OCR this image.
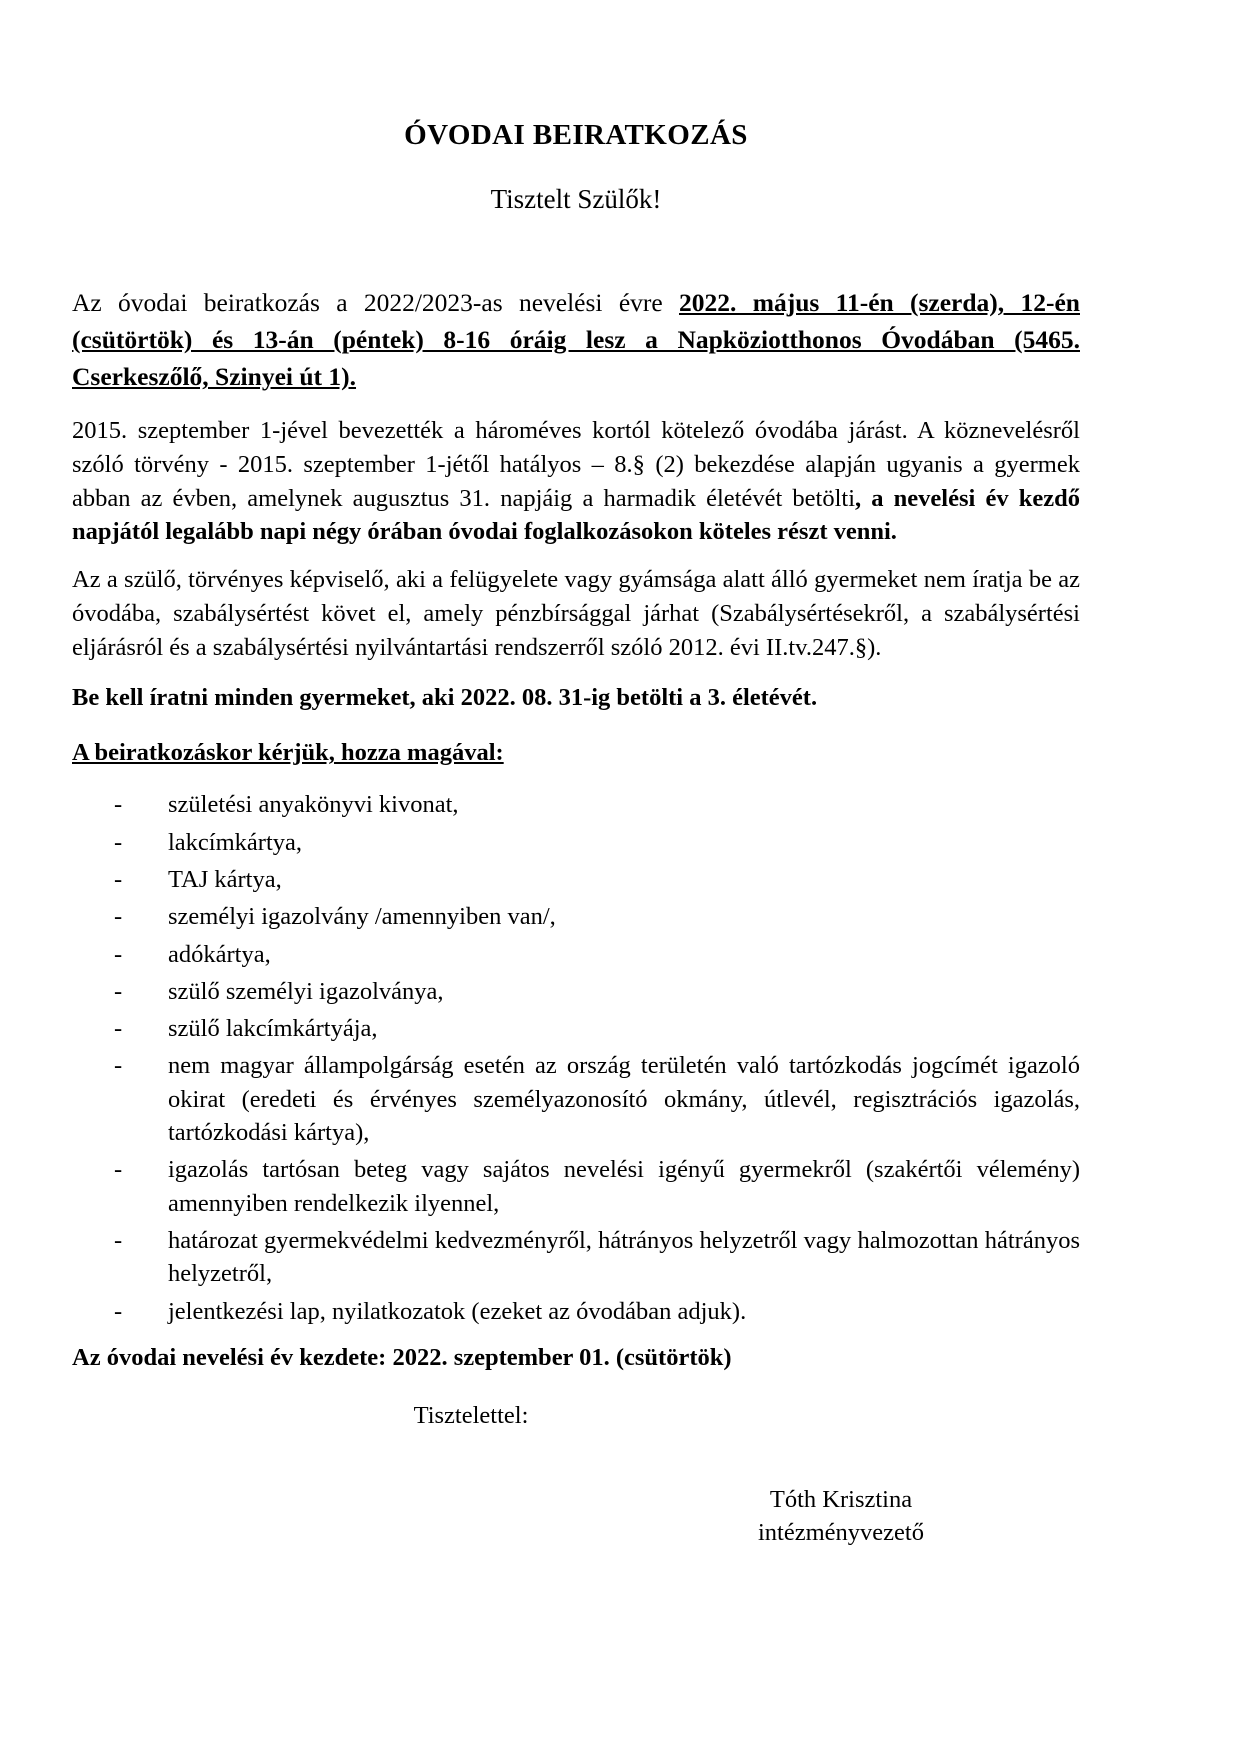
ÓVODAI BEIRATKOZÁS
Tisztelt Szülők!

Az óvodai beiratkozás a 2022/2023-as nevelési évre 2022. május 11-én (szerda), 12-én (csütörtök) és 13-án (péntek) 8-16 óráig lesz a Napköziotthonos Óvodában (5465. Cserkeszőlő, Szinyei út 1).

2015. szeptember 1-jével bevezették a hároméves kortól kötelező óvodába járást. A köznevelésről szóló törvény - 2015. szeptember 1-jétől hatályos – 8.§ (2) bekezdése alapján ugyanis a gyermek abban az évben, amelynek augusztus 31. napjáig a harmadik életévét betölti, a nevelési év kezdő napjától legalább napi négy órában óvodai foglalkozásokon köteles részt venni.

Az a szülő, törvényes képviselő, aki a felügyelete vagy gyámsága alatt álló gyermeket nem íratja be az óvodába, szabálysértést követ el, amely pénzbírsággal járhat (Szabálysértésekről, a szabálysértési eljárásról és a szabálysértési nyilvántartási rendszerről szóló 2012. évi II.tv.247.§).

Be kell íratni minden gyermeket, aki 2022. 08. 31-ig betölti a 3. életévét.

A beiratkozáskor kérjük, hozza magával:

- születési anyakönyvi kivonat,
- lakcímkártya,
- TAJ kártya,
- személyi igazolvány /amennyiben van/,
- adókártya,
- szülő személyi igazolványa,
- szülő lakcímkártyája,
- nem magyar állampolgárság esetén az ország területén való tartózkodás jogcímét igazoló okirat (eredeti és érvényes személyazonosító okmány, útlevél, regisztrációs igazolás, tartózkodási kártya),
- igazolás tartósan beteg vagy sajátos nevelési igényű gyermekről (szakértői vélemény) amennyiben rendelkezik ilyennel,
- határozat gyermekvédelmi kedvezményről, hátrányos helyzetről vagy halmozottan hátrányos helyzetről,
- jelentkezési lap, nyilatkozatok (ezeket az óvodában adjuk).

Az óvodai nevelési év kezdete: 2022. szeptember 01. (csütörtök)

Tisztelettel:

Tóth Krisztina
intézményvezető
